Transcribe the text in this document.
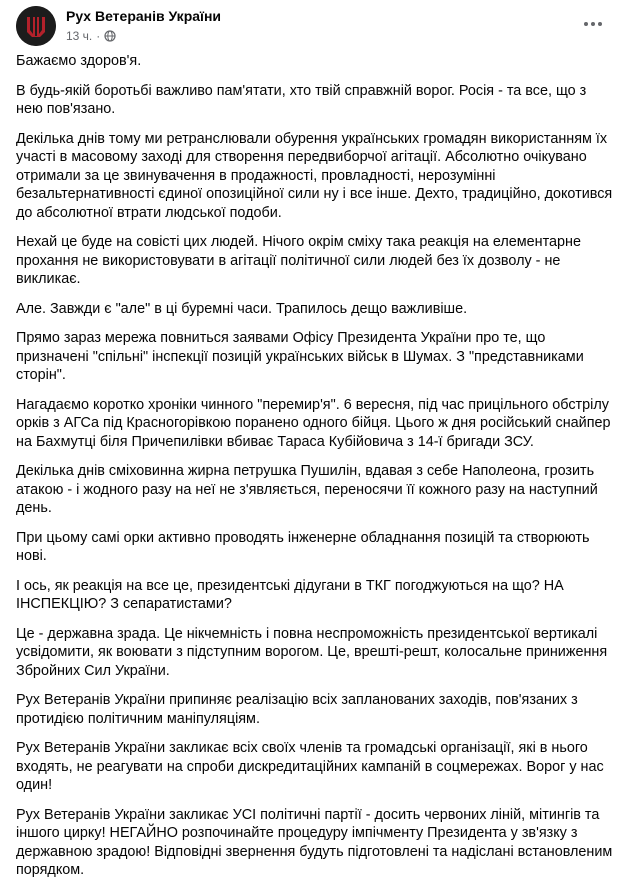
Рух Ветеранів України
13 ч. ·

Бажаємо здоров'я.

В будь-якій боротьбі важливо пам'ятати, хто твій справжній ворог. Росія - та все, що з нею пов'язано.

Декілька днів тому ми ретранслювали обурення українських громадян використанням їх участі в масовому заході для створення передвиборчої агітації. Абсолютно очікувано отримали за це звинувачення в продажності, провладності, нерозумінні безальтернативності єдиної опозиційної сили ну і все інше. Дехто, традиційно, докотився до абсолютної втрати людської подоби.

Нехай це буде на совісті цих людей. Нічого окрім сміху така реакція на елементарне прохання не використовувати в агітації політичної сили людей без їх дозволу - не викликає.

Але. Завжди є "але" в ці буремні часи. Трапилось дещо важливіше.

Прямо зараз мережа повниться заявами Офісу Президента України про те, що призначені "спільні" інспекції позицій українських військ в Шумах. З "представниками сторін".

Нагадаємо коротко хроніки чинного "перемир'я". 6 вересня, під час прицільного обстрілу орків з АГСа під Красногорівкою поранено одного бійця. Цього ж дня російський снайпер на Бахмутці біля Причепилівки вбиває Тараса Кубійовича з 14-ї бригади ЗСУ.

Декілька днів сміховинна жирна петрушка Пушилін, вдавая з себе Наполеона, грозить атакою - і жодного разу на неї не з'являється, переносячи її кожного разу на наступний день.

При цьому самі орки активно проводять інженерне обладнання позицій та створюють нові.

І ось, як реакція на все це, президентські дідугани в ТКГ погоджуються на що? НА ІНСПЕКЦІЮ? З сепаратистами?

Це - державна зрада. Це нікчемність і повна неспроможність президентської вертикалі усвідомити, як воювати з підступним ворогом. Це, врешті-решт, колосальне приниження Збройних Сил України.

Рух Ветеранів України припиняє реалізацію всіх запланованих заходів, пов'язаних з протидією політичним маніпуляціям.

Рух Ветеранів України закликає всіх своїх членів та громадські організації, які в нього входять, не реагувати на спроби дискредитаційних кампаній в соцмережах. Ворог у нас один!

Рух Ветеранів України закликає УСІ політичні партії - досить червоних ліній, мітингів та іншого цирку! НЕГАЙНО розпочинайте процедуру імпічменту Президента у зв'язку з державною зрадою! Відповідні звернення будуть підготовлені та надіслані встановленим порядком.
